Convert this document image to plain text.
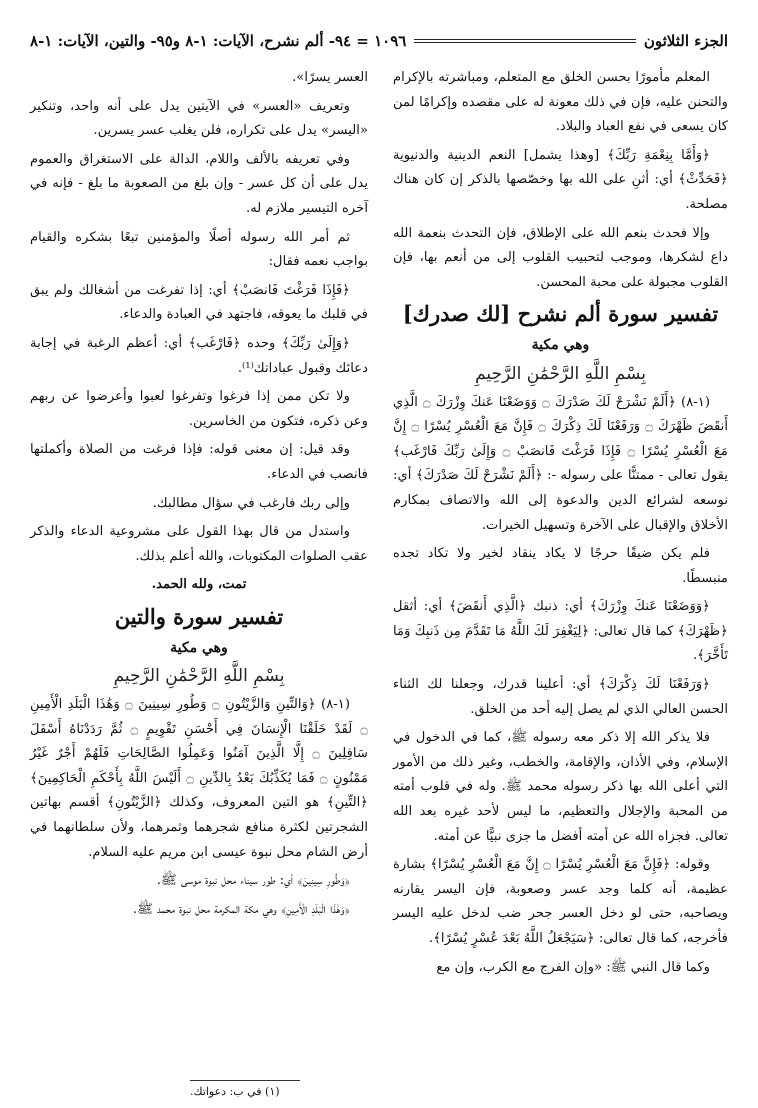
الجزء الثلاثون
١٠٩٦ = ٩٤- ألم نشرح، الآيات: ١-٨ و٩٥- والتين، الآيات: ١-٨

المعلم مأمورًا بحسن الخلق مع المتعلم، ومباشرته بالإكرام والتحنن عليه، فإن في ذلك معونة له على مقصده وإكرامًا لمن كان يسعى في نفع العباد والبلاد.

﴿وَأَمَّا بِنِعْمَةِ رَبِّكَ﴾ [وهذا يشمل] النعم الدينية والدنيوية ﴿فَحَدِّثْ﴾ أي: أثنِ على الله بها وخصّصها بالذكر إن كان هناك مصلحة.

وإلا فحدث بنعم الله على الإطلاق، فإن التحدث بنعمة الله داع لشكرها، وموجب لتحبيب القلوب إلى من أنعم بها، فإن القلوب مجبولة على محبة المحسن.

تفسير سورة ألم نشرح [لك صدرك]

وهي مكية

بِسْمِ اللَّهِ الرَّحْمَٰنِ الرَّحِيمِ

(١-٨) ﴿أَلَمْ نَشْرَحْ لَكَ صَدْرَكَ ۝ وَوَضَعْنَا عَنكَ وِزْرَكَ ۝ الَّذِي أَنقَضَ ظَهْرَكَ ۝ وَرَفَعْنَا لَكَ ذِكْرَكَ ۝ فَإِنَّ مَعَ الْعُسْرِ يُسْرًا ۝ إِنَّ مَعَ الْعُسْرِ يُسْرًا ۝ فَإِذَا فَرَغْتَ فَانصَبْ ۝ وَإِلَىٰ رَبِّكَ فَارْغَب﴾ يقول تعالى - ممتنًّا على رسوله -: ﴿أَلَمْ نَشْرَحْ لَكَ صَدْرَكَ﴾ أي: نوسعه لشرائع الدين والدعوة إلى الله والاتصاف بمكارم الأخلاق والإقبال على الآخرة وتسهيل الخيرات.

فلم يكن ضيقًا حرجًا لا يكاد ينقاد لخير ولا تكاد تجده منبسطًا.

﴿وَوَضَعْنَا عَنكَ وِزْرَكَ﴾ أي: ذنبك ﴿الَّذِي أَنقَضَ﴾ أي: أثقل ﴿ظَهْرَكَ﴾ كما قال تعالى: ﴿لِيَغْفِرَ لَكَ اللَّهُ مَا تَقَدَّمَ مِن ذَنبِكَ وَمَا تَأَخَّرَ﴾.

﴿وَرَفَعْنَا لَكَ ذِكْرَكَ﴾ أي: أعلينا قدرك، وجعلنا لك الثناء الحسن العالي الذي لم يصل إليه أحد من الخلق.

فلا يذكر الله إلا ذكر معه رسوله ﷺ، كما في الدخول في الإسلام، وفي الأذان، والإقامة، والخطب، وغير ذلك من الأمور التي أعلى الله بها ذكر رسوله محمد ﷺ. وله في قلوب أمته من المحبة والإجلال والتعظيم، ما ليس لأحد غيره بعد الله تعالى. فجزاه الله عن أمته أفضل ما جزى نبيًّا عن أمته.

وقوله: ﴿فَإِنَّ مَعَ الْعُسْرِ يُسْرًا ۝ إِنَّ مَعَ الْعُسْرِ يُسْرًا﴾ بشارة عظيمة، أنه كلما وجد عسر وصعوبة، فإن اليسر يقارنه ويصاحبه، حتى لو دخل العسر جحر ضب لدخل عليه اليسر فأخرجه، كما قال تعالى: ﴿سَيَجْعَلُ اللَّهُ بَعْدَ عُسْرٍ يُسْرًا﴾.

وكما قال النبي ﷺ: «وإن الفرج مع الكرب، وإن مع

العسر يسرًا».

وتعريف «العسر» في الآيتين يدل على أنه واحد، وتنكير «اليسر» يدل على تكراره، فلن يغلب عسر يسرين.

وفي تعريفه بالألف واللام، الدالة على الاستغراق والعموم يدل على أن كل عسر - وإن بلغ من الصعوبة ما بلغ - فإنه في آخره التيسير ملازم له.

ثم أمر الله رسوله أصلًا والمؤمنين تبعًا بشكره والقيام بواجب نعمه فقال:

﴿فَإِذَا فَرَغْتَ فَانصَبْ﴾ أي: إذا تفرغت من أشغالك ولم يبق في قلبك ما يعوقه، فاجتهد في العبادة والدعاء.

﴿وَإِلَىٰ رَبِّكَ﴾ وحده ﴿فَارْغَب﴾ أي: أعظم الرغبة في إجابة دعائك وقبول عباداتك⁽¹⁾.

ولا تكن ممن إذا فرغوا وتفرغوا لعبوا وأعرضوا عن ربهم وعن ذكره، فتكون من الخاسرين.

وقد قيل: إن معنى قوله: فإذا فرغت من الصلاة وأكملتها فانصب في الدعاء.

وإلى ربك فارغب في سؤال مطالبك.

واستدل من قال بهذا القول على مشروعية الدعاء والذكر عقب الصلوات المكتوبات، والله أعلم بذلك.

تمت، ولله الحمد.

تفسير سورة والتين

وهي مكية

بِسْمِ اللَّهِ الرَّحْمَٰنِ الرَّحِيمِ

(١-٨) ﴿وَالتِّينِ وَالزَّيْتُونِ ۝ وَطُورِ سِينِينَ ۝ وَهَٰذَا الْبَلَدِ الْأَمِينِ ۝ لَقَدْ خَلَقْنَا الْإِنسَانَ فِي أَحْسَنِ تَقْوِيمٍ ۝ ثُمَّ رَدَدْنَاهُ أَسْفَلَ سَافِلِينَ ۝ إِلَّا الَّذِينَ آمَنُوا وَعَمِلُوا الصَّالِحَاتِ فَلَهُمْ أَجْرٌ غَيْرُ مَمْنُونٍ ۝ فَمَا يُكَذِّبُكَ بَعْدُ بِالدِّينِ ۝ أَلَيْسَ اللَّهُ بِأَحْكَمِ الْحَاكِمِينَ﴾ ﴿التِّينِ﴾ هو التين المعروف، وكذلك ﴿الزَّيْتُونِ﴾ أقسم بهاتين الشجرتين لكثرة منافع شجرهما وثمرهما، ولأن سلطانهما في أرض الشام محل نبوة عيسى ابن مريم عليه السلام.

﴿وَطُورِ سِينِينَ﴾ أي: طور سيناء محل نبوة موسى ﷺ.

﴿وَهَٰذَا الْبَلَدِ الْأَمِينِ﴾ وهي مكة المكرمة محل نبوة محمد ﷺ.

(١) في ب: دعواتك.
